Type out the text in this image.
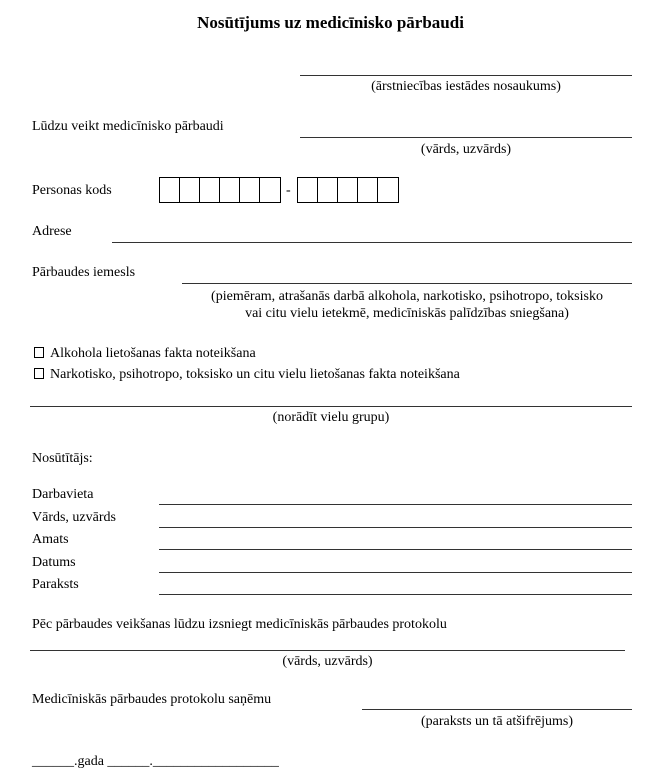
Nosūtījums uz medicīnisko pārbaudi
(ārstniecības iestādes nosaukums)
Lūdzu veikt medicīnisko pārbaudi
(vārds, uzvārds)
Personas kods	-
Adrese
Pārbaudes iemesls
(piemēram, atrašanās darbā alkohola, narkotisko, psihotropo, toksisko
vai citu vielu ietekmē, medicīniskās palīdzības sniegšana)
Alkohola lietošanas fakta noteikšana
Narkotisko, psihotropo, toksisko un citu vielu lietošanas fakta noteikšana
(norādīt vielu grupu)
Nosūtītājs:
Darbavieta
Vārds, uzvārds
Amats
Datums
Paraksts
Pēc pārbaudes veikšanas lūdzu izsniegt medicīniskās pārbaudes protokolu
(vārds, uzvārds)
Medicīniskās pārbaudes protokolu saņēmu
(paraksts un tā atšifrējums)
______.gada ______.__________________
